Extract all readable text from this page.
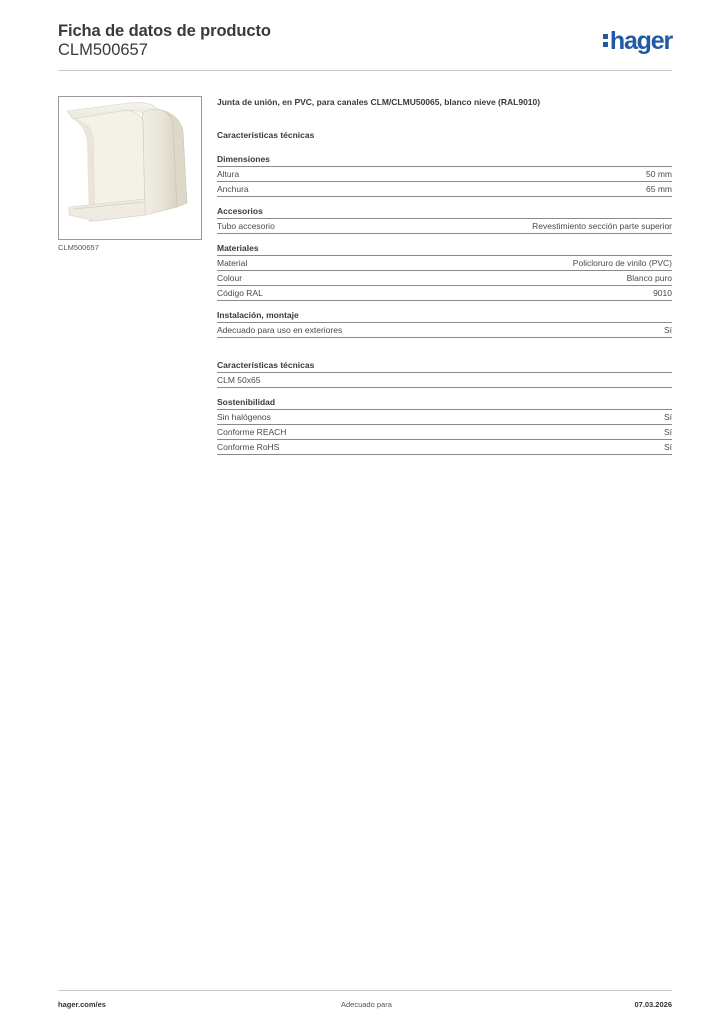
Ficha de datos de producto
CLM500657	hager
CLM500657
Junta de unión, en PVC, para canales CLM/CLMU50065, blanco nieve (RAL9010)
Características técnicas
Dimensiones
Altura	50 mm
Anchura	65 mm
Accesorios
Tubo accesorio	Revestimiento sección parte superior
Materiales
Material	Policloruro de vinilo (PVC)
Colour	Blanco puro
Código RAL	9010
Instalación, montaje
Adecuado para uso en exteriores	Sí
Características técnicas
CLM 50x65
Sostenibilidad
Sin halógenos	Sí
Conforme REACH	Sí
Conforme RoHS	Sí
hager.com/es	Adecuado para	07.03.2026
